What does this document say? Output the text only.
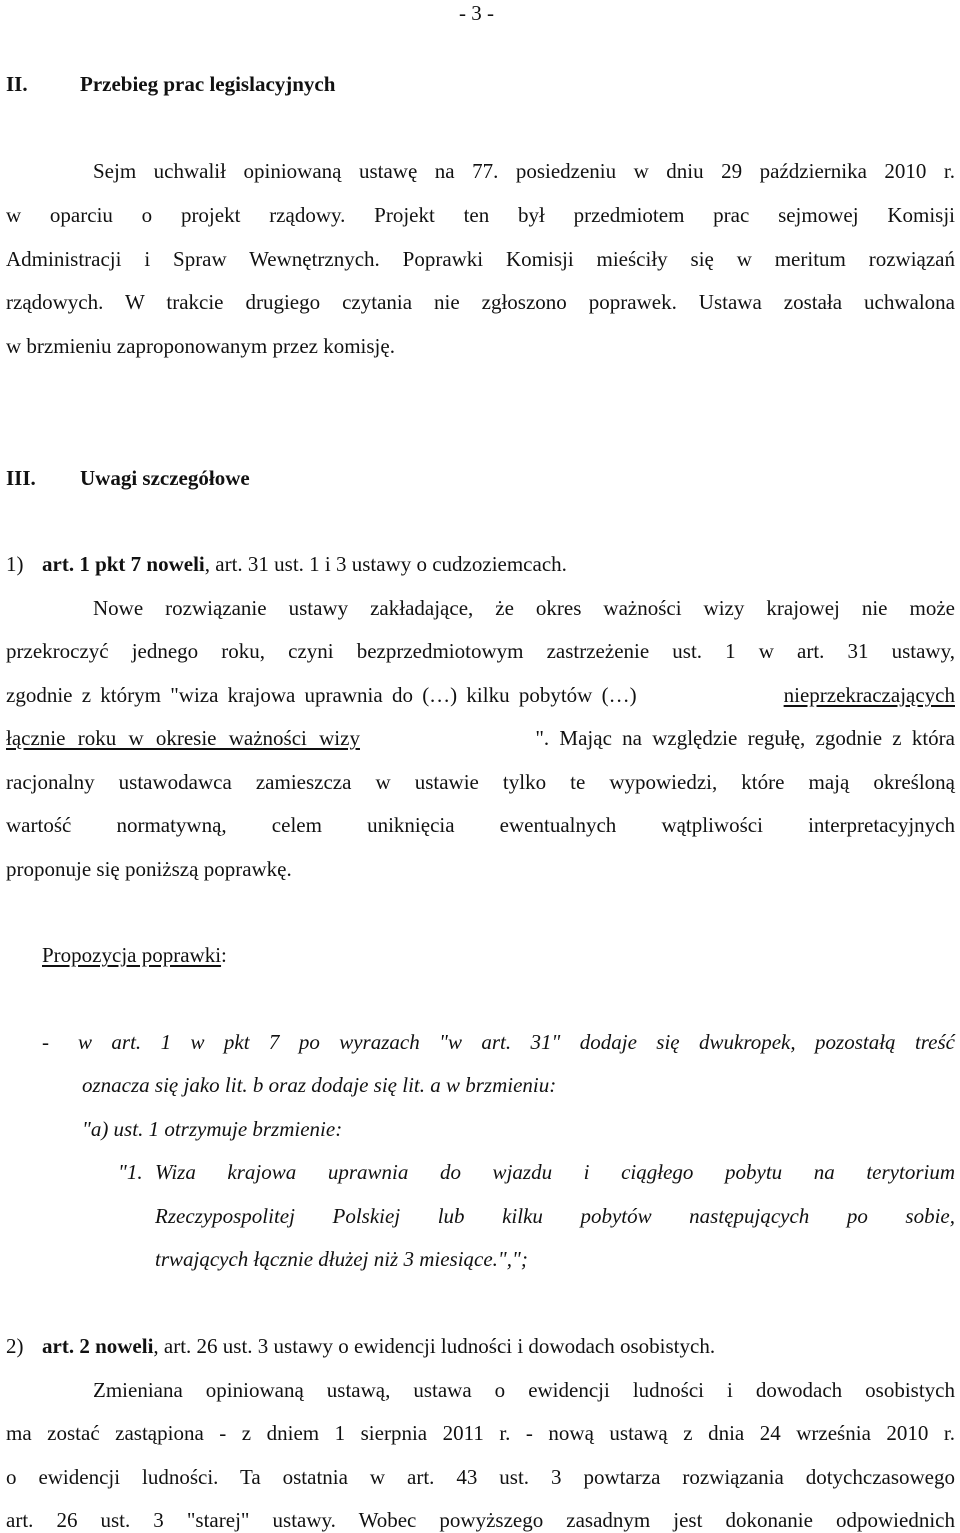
- 3 -
II. Przebieg prac legislacyjnych
Sejm uchwalił opiniowaną ustawę na 77. posiedzeniu w dniu 29 października 2010 r.
w oparciu o projekt rządowy. Projekt ten był przedmiotem prac sejmowej Komisji
Administracji i Spraw Wewnętrznych. Poprawki Komisji mieściły się w meritum rozwiązań
rządowych. W trakcie drugiego czytania nie zgłoszono poprawek. Ustawa została uchwalona
w brzmieniu zaproponowanym przez komisję.
III. Uwagi szczegółowe
1) art. 1 pkt 7 noweli, art. 31 ust. 1 i 3 ustawy o cudzoziemcach.
Nowe rozwiązanie ustawy zakładające, że okres ważności wizy krajowej nie może
przekroczyć jednego roku, czyni bezprzedmiotowym zastrzeżenie ust. 1 w art. 31 ustawy,
zgodnie z którym "wiza krajowa uprawnia do (…) kilku pobytów (…)	nieprzekraczających
łącznie roku w okresie ważności wizy	". Mając na względzie regułę, zgodnie z która
racjonalny ustawodawca zamieszcza w ustawie tylko te wypowiedzi, które mają określoną
wartość normatywną, celem uniknięcia ewentualnych wątpliwości interpretacyjnych
proponuje się poniższą poprawkę.
Propozycja poprawki:
- w art. 1 w pkt 7 po wyrazach "w art. 31" dodaje się dwukropek, pozostałą treść
oznacza się jako lit. b oraz dodaje się lit. a w brzmieniu:
"a) ust. 1 otrzymuje brzmienie:
"1. Wiza krajowa uprawnia do wjazdu i ciągłego pobytu na terytorium
Rzeczypospolitej Polskiej lub kilku pobytów następujących po sobie,
trwających łącznie dłużej niż 3 miesiące.",";
2) art. 2 noweli, art. 26 ust. 3 ustawy o ewidencji ludności i dowodach osobistych.
Zmieniana opiniowaną ustawą, ustawa o ewidencji ludności i dowodach osobistych
ma zostać zastąpiona - z dniem 1 sierpnia 2011 r. - nową ustawą z dnia 24 września 2010 r.
o ewidencji ludności. Ta ostatnia w art. 43 ust. 3 powtarza rozwiązania dotychczasowego
art. 26 ust. 3 "starej" ustawy. Wobec powyższego zasadnym jest dokonanie odpowiednich
